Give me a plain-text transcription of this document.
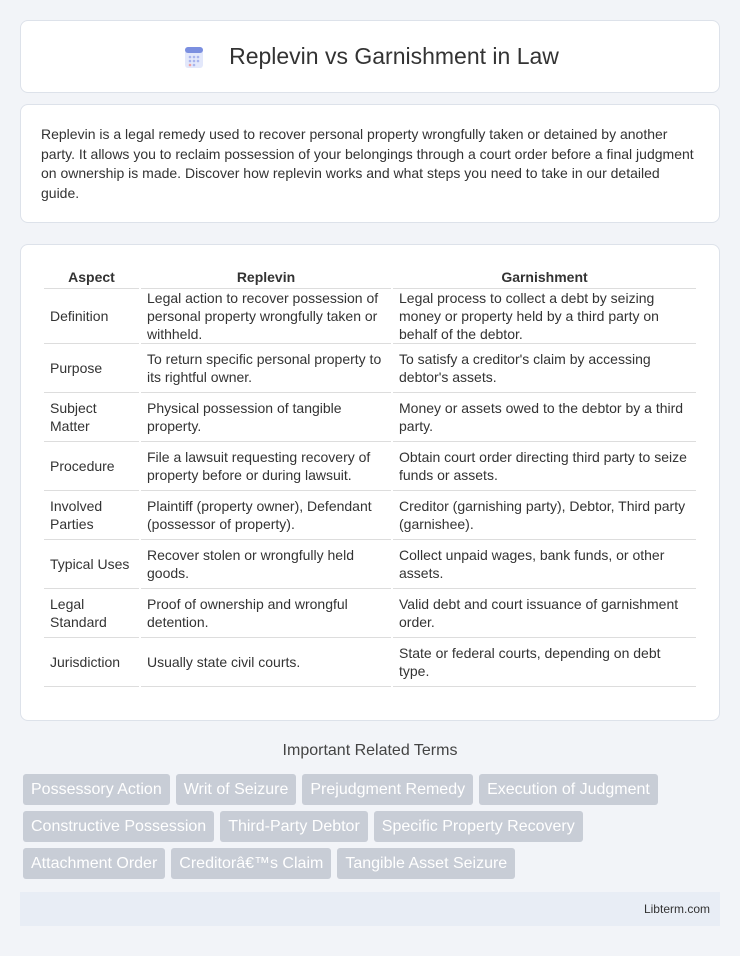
Replevin vs Garnishment in Law

Replevin is a legal remedy used to recover personal property wrongfully taken or detained by another party. It allows you to reclaim possession of your belongings through a court order before a final judgment on ownership is made. Discover how replevin works and what steps you need to take in our detailed guide.

Aspect	Replevin	Garnishment
Definition	Legal action to recover possession of personal property wrongfully taken or withheld.	Legal process to collect a debt by seizing money or property held by a third party on behalf of the debtor.
Purpose	To return specific personal property to its rightful owner.	To satisfy a creditor's claim by accessing debtor's assets.
Subject Matter	Physical possession of tangible property.	Money or assets owed to the debtor by a third party.
Procedure	File a lawsuit requesting recovery of property before or during lawsuit.	Obtain court order directing third party to seize funds or assets.
Involved Parties	Plaintiff (property owner), Defendant (possessor of property).	Creditor (garnishing party), Debtor, Third party (garnishee).
Typical Uses	Recover stolen or wrongfully held goods.	Collect unpaid wages, bank funds, or other assets.
Legal Standard	Proof of ownership and wrongful detention.	Valid debt and court issuance of garnishment order.
Jurisdiction	Usually state civil courts.	State or federal courts, depending on debt type.
Important Related Terms
Possessory Action	Writ of Seizure	Prejudgment Remedy	Execution of Judgment
Constructive Possession	Third-Party Debtor	Specific Property Recovery
Attachment Order	Creditorâ€™s Claim	Tangible Asset Seizure
Libterm.com
